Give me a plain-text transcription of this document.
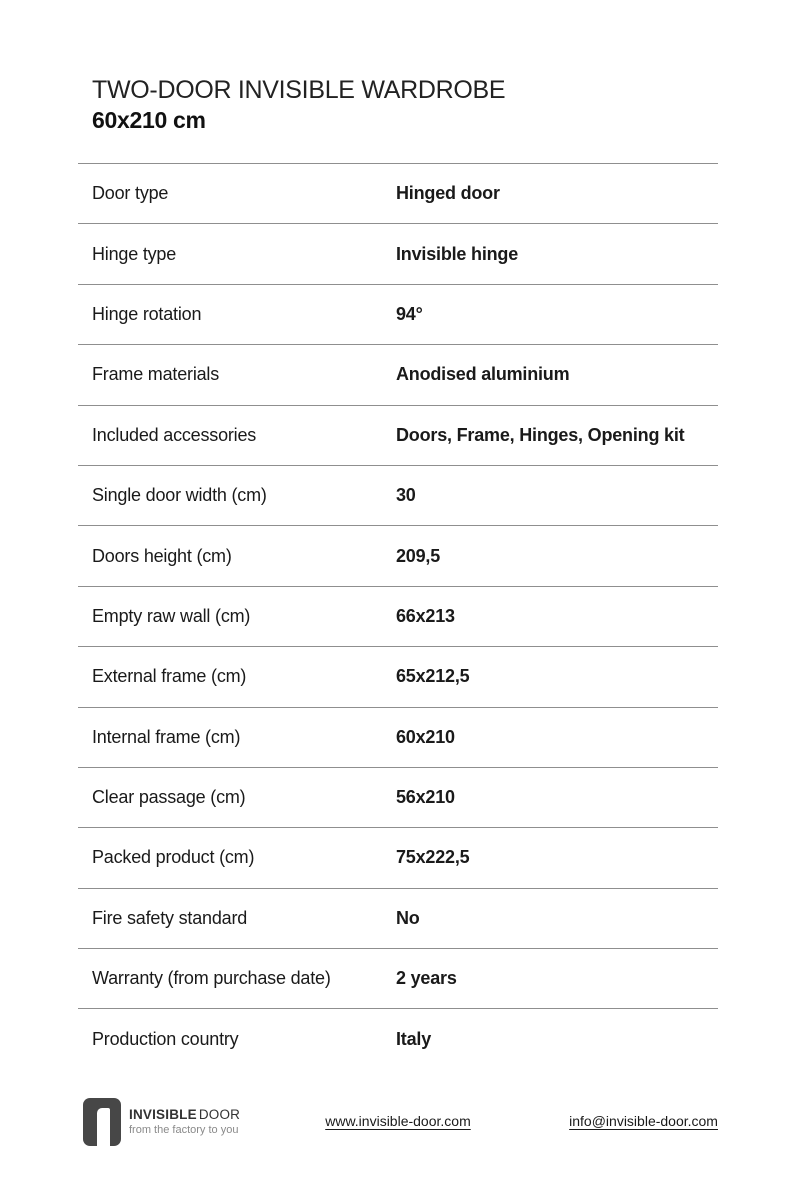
TWO-DOOR INVISIBLE WARDROBE
60x210 cm
Door type	Hinged door
Hinge type	Invisible hinge
Hinge rotation	94°
Frame materials	Anodised aluminium
Included accessories	Doors, Frame, Hinges, Opening kit
Single door width (cm)	30
Doors height (cm)	209,5
Empty raw wall (cm)	66x213
External frame (cm)	65x212,5
Internal frame (cm)	60x210
Clear passage (cm)	56x210
Packed product (cm)	75x222,5
Fire safety standard	No
Warranty (from purchase date)	2 years
Production country	Italy
INVISIBLE DOOR
from the factory to you
www.invisible-door.com	info@invisible-door.com
